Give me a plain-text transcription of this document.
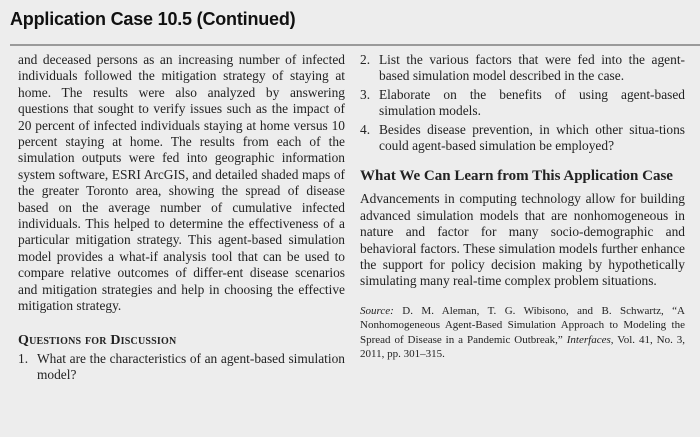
Application Case 10.5 (Continued)

and deceased persons as an increasing number of infected individuals followed the mitigation strategy of staying at home. The results were also analyzed by answering questions that sought to verify issues such as the impact of 20 percent of infected individuals staying at home versus 10 percent staying at home. The results from each of the simulation outputs were fed into geographic information system software, ESRI ArcGIS, and detailed shaded maps of the greater Toronto area, showing the spread of disease based on the average number of cumulative infected individuals. This helped to determine the effectiveness of a particular mitigation strategy. This agent-based simulation model provides a what-if analysis tool that can be used to compare relative outcomes of differ-ent disease scenarios and mitigation strategies and help in choosing the effective mitigation strategy.

Questions for Discussion
1. What are the characteristics of an agent-based simulation model?
2. List the various factors that were fed into the agent-based simulation model described in the case.
3. Elaborate on the benefits of using agent-based simulation models.
4. Besides disease prevention, in which other situa-tions could agent-based simulation be employed?
What We Can Learn from This Application Case

Advancements in computing technology allow for building advanced simulation models that are nonhomogeneous in nature and factor for many socio-demographic and behavioral factors. These simulation models further enhance the support for policy decision making by hypothetically simulating many real-time complex problem situations.

Source: D. M. Aleman, T. G. Wibisono, and B. Schwartz, “A Nonhomogeneous Agent-Based Simulation Approach to Modeling the Spread of Disease in a Pandemic Outbreak,” Interfaces, Vol. 41, No. 3, 2011, pp. 301–315.
